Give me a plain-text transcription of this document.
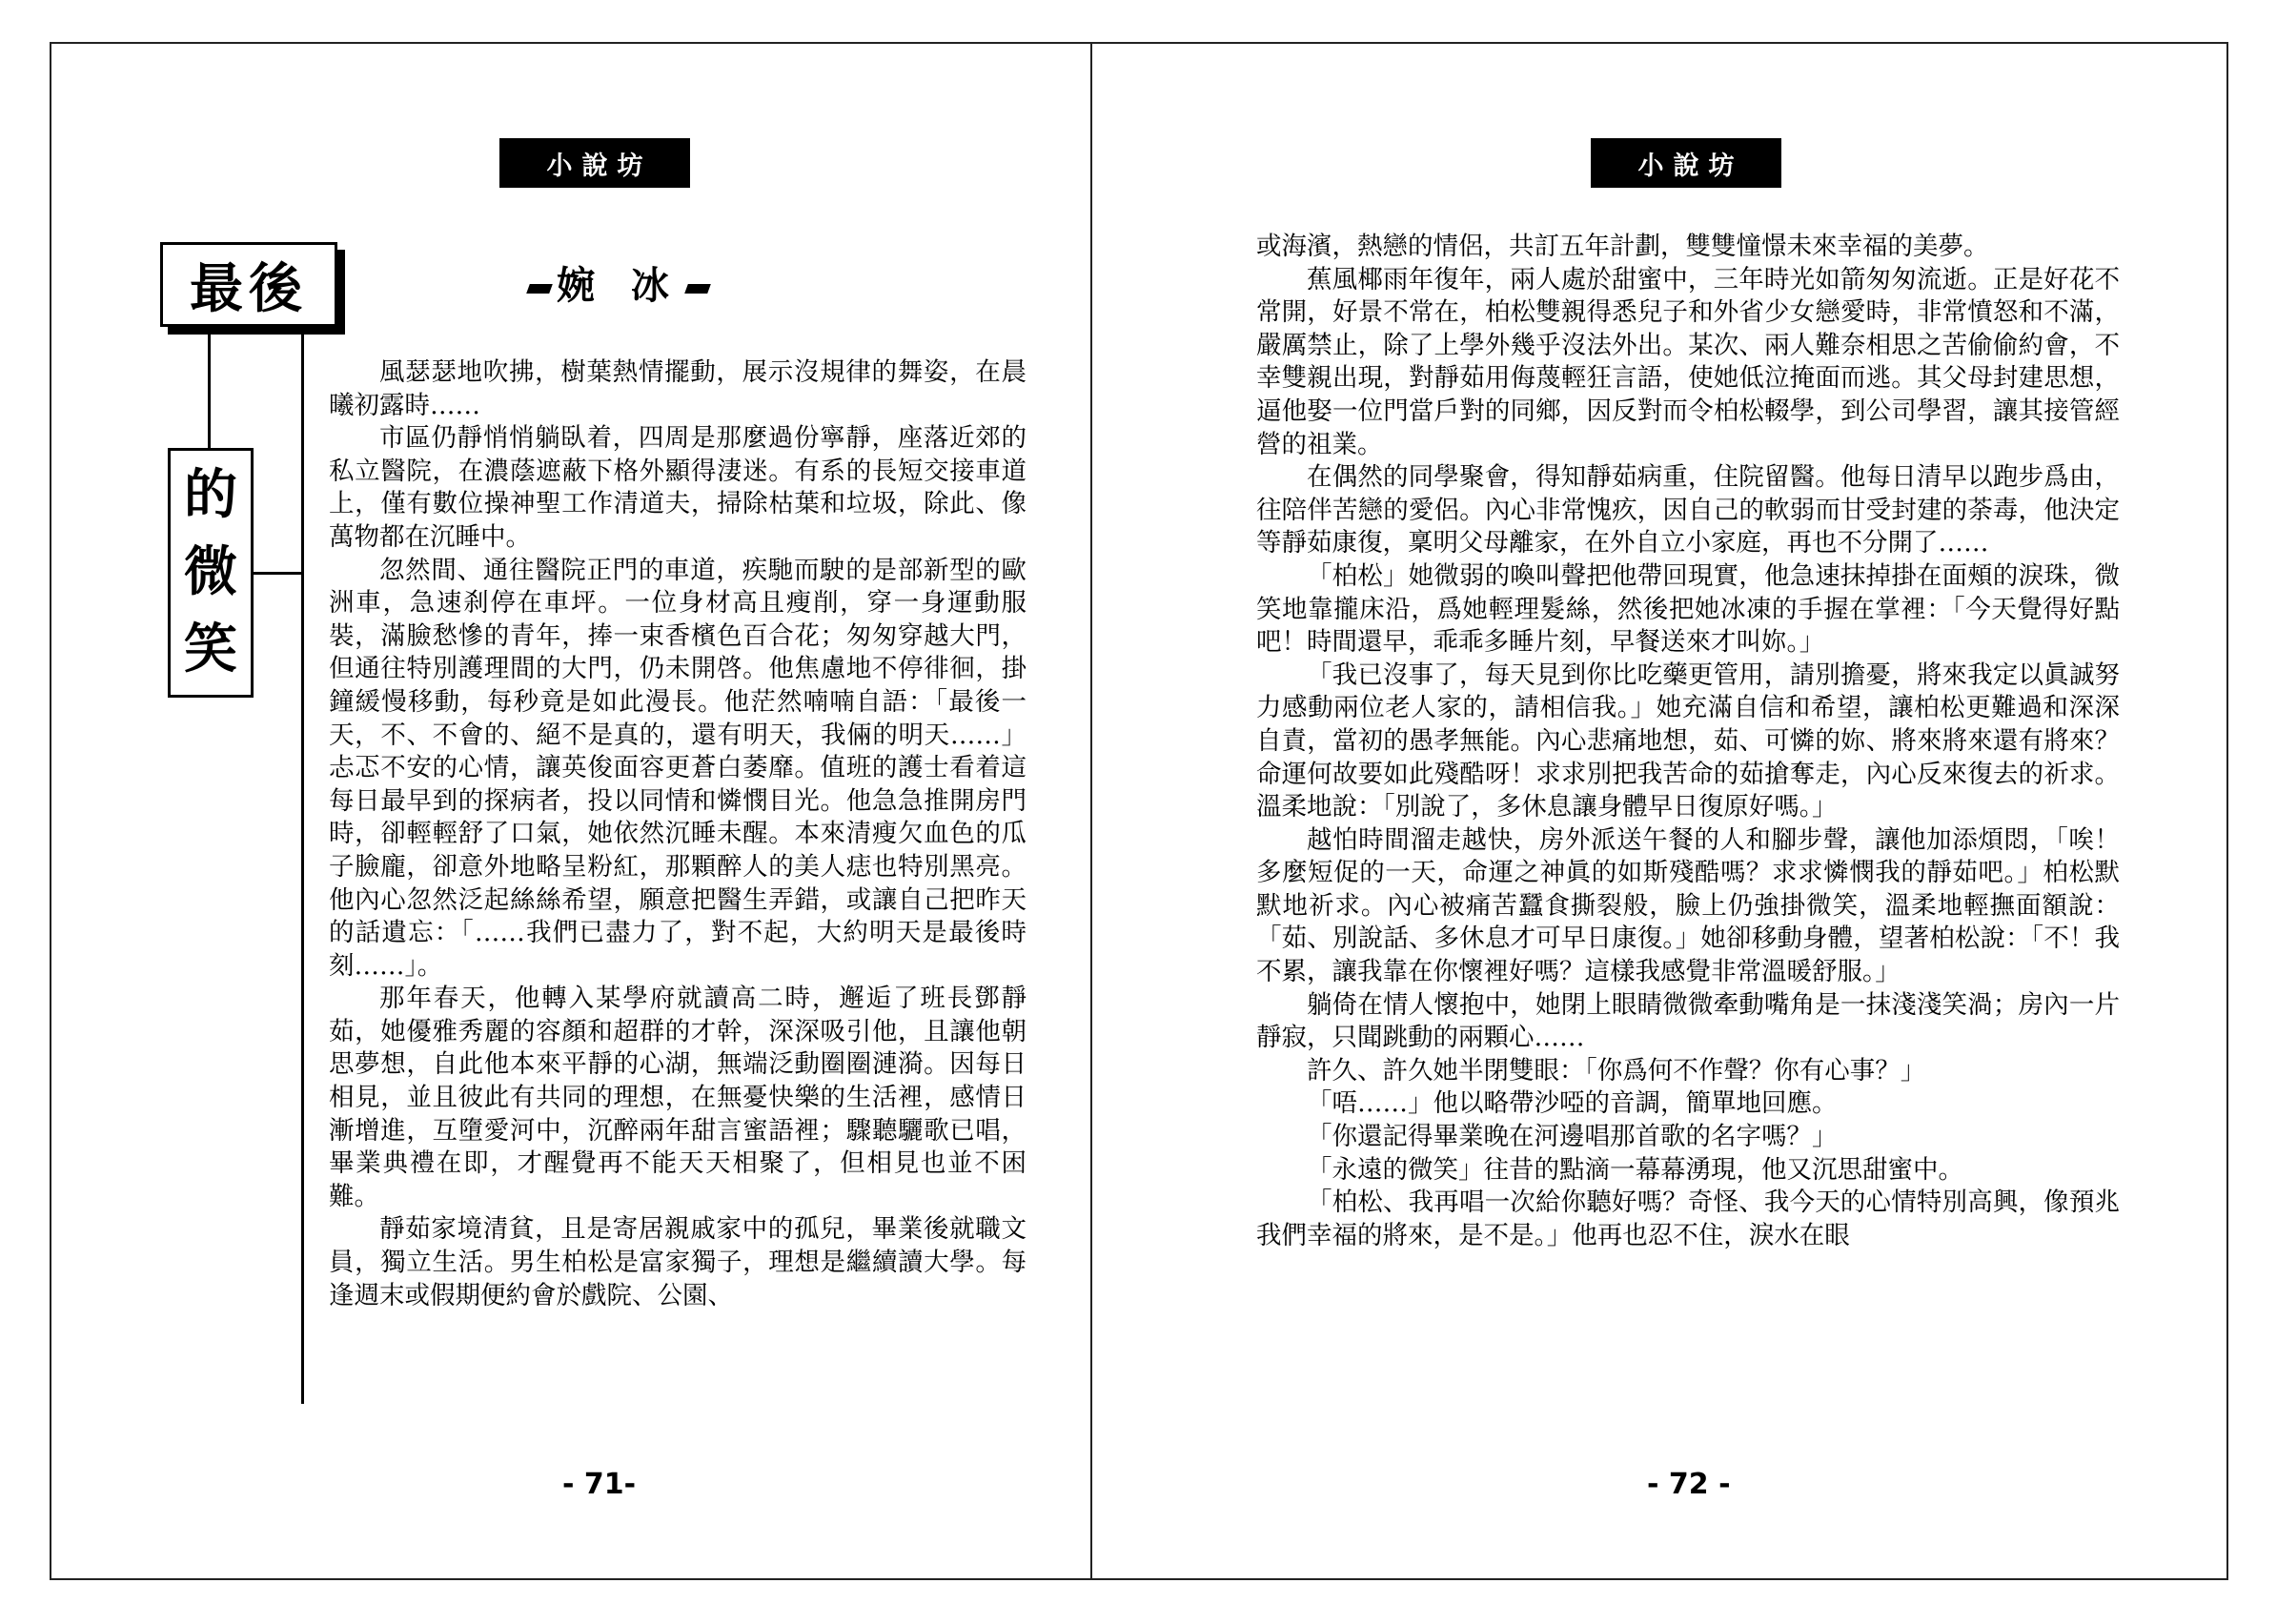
小說坊
最後
的
微
笑
婉 冰

風瑟瑟地吹拂，樹葉熱情擺動，展示沒規律的舞姿，在晨曦初露時……

市區仍靜悄悄躺臥着，四周是那麼過份寧靜，座落近郊的私立醫院，在濃蔭遮蔽下格外顯得淒迷。有系的長短交接車道上，僅有數位操神聖工作清道夫，掃除枯葉和垃圾，除此、像萬物都在沉睡中。

忽然間、通往醫院正門的車道，疾馳而駛的是部新型的歐洲車，急速刹停在車坪。一位身材高且瘦削，穿一身運動服裝，滿臉愁慘的青年，捧一束香檳色百合花；匆匆穿越大門，但通往特別護理間的大門，仍未開啓。他焦慮地不停徘徊，掛鐘緩慢移動，每秒竟是如此漫長。他茫然喃喃自語：「最後一天，不、不會的、絕不是真的，還有明天，我倆的明天……」忐忑不安的心情，讓英俊面容更蒼白萎靡。值班的護士看着這每日最早到的探病者，投以同情和憐憫目光。他急急推開房門時，卻輕輕舒了口氣，她依然沉睡未醒。本來清瘦欠血色的瓜子臉龐，卻意外地略呈粉紅，那顆醉人的美人痣也特別黑亮。他內心忽然泛起絲絲希望，願意把醫生弄錯，或讓自己把昨天的話遺忘：「……我們已盡力了，對不起，大約明天是最後時刻……」。

那年春天，他轉入某學府就讀高二時，邂逅了班長鄧靜茹，她優雅秀麗的容顏和超群的才幹，深深吸引他，且讓他朝思夢想，自此他本來平靜的心湖，無端泛動圈圈漣漪。因每日相見，並且彼此有共同的理想，在無憂快樂的生活裡，感情日漸增進，互墮愛河中，沉醉兩年甜言蜜語裡；驟聽驪歌已唱，畢業典禮在即，才醒覺再不能天天相聚了，但相見也並不困難。

靜茹家境清貧，且是寄居親戚家中的孤兒，畢業後就職文員，獨立生活。男生柏松是富家獨子，理想是繼續讀大學。每逢週末或假期便約會於戲院、公園、

- 71-
小說坊

或海濱，熱戀的情侶，共訂五年計劃，雙雙憧憬未來幸福的美夢。

蕉風椰雨年復年，兩人處於甜蜜中，三年時光如箭匆匆流逝。正是好花不常開，好景不常在，柏松雙親得悉兒子和外省少女戀愛時，非常憤怒和不滿，嚴厲禁止，除了上學外幾乎沒法外出。某次、兩人難奈相思之苦偷偷約會，不幸雙親出現，對靜茹用侮蔑輕狂言語，使她低泣掩面而逃。其父母封建思想，逼他娶一位門當戶對的同鄉，因反對而令柏松輟學，到公司學習，讓其接管經營的祖業。

在偶然的同學聚會，得知靜茹病重，住院留醫。他每日清早以跑步爲由，往陪伴苦戀的愛侶。內心非常愧疚，因自己的軟弱而甘受封建的荼毒，他決定等靜茹康復，稟明父母離家，在外自立小家庭，再也不分開了……

「柏松」她微弱的喚叫聲把他帶回現實，他急速抹掉掛在面頰的淚珠，微笑地靠攏床沿，爲她輕理髮絲，然後把她冰凍的手握在掌裡：「今天覺得好點吧！時間還早，乖乖多睡片刻，早餐送來才叫妳。」

「我已沒事了，每天見到你比吃藥更管用，請別擔憂，將來我定以眞誠努力感動兩位老人家的，請相信我。」她充滿自信和希望，讓柏松更難過和深深自責，當初的愚孝無能。內心悲痛地想，茹、可憐的妳、將來將來還有將來？命運何故要如此殘酷呀！求求別把我苦命的茹搶奪走，內心反來復去的祈求。溫柔地說：「別說了，多休息讓身體早日復原好嗎。」

越怕時間溜走越快，房外派送午餐的人和腳步聲，讓他加添煩悶，「唉！多麼短促的一天，命運之神眞的如斯殘酷嗎？求求憐憫我的靜茹吧。」柏松默默地祈求。內心被痛苦蠶食撕裂般，臉上仍強掛微笑，溫柔地輕撫面額說：「茹、別說話、多休息才可早日康復。」她卻移動身體，望著柏松說：「不！我不累，讓我靠在你懷裡好嗎？這樣我感覺非常溫暖舒服。」

躺倚在情人懷抱中，她閉上眼睛微微牽動嘴角是一抹淺淺笑渦；房內一片靜寂，只聞跳動的兩顆心……

許久、許久她半閉雙眼：「你爲何不作聲？你有心事？」

「唔……」他以略帶沙啞的音調，簡單地回應。

「你還記得畢業晚在河邊唱那首歌的名字嗎？」

「永遠的微笑」往昔的點滴一幕幕湧現，他又沉思甜蜜中。

「柏松、我再唱一次給你聽好嗎？奇怪、我今天的心情特別高興，像預兆我們幸福的將來，是不是。」他再也忍不住，淚水在眼

- 72 -
